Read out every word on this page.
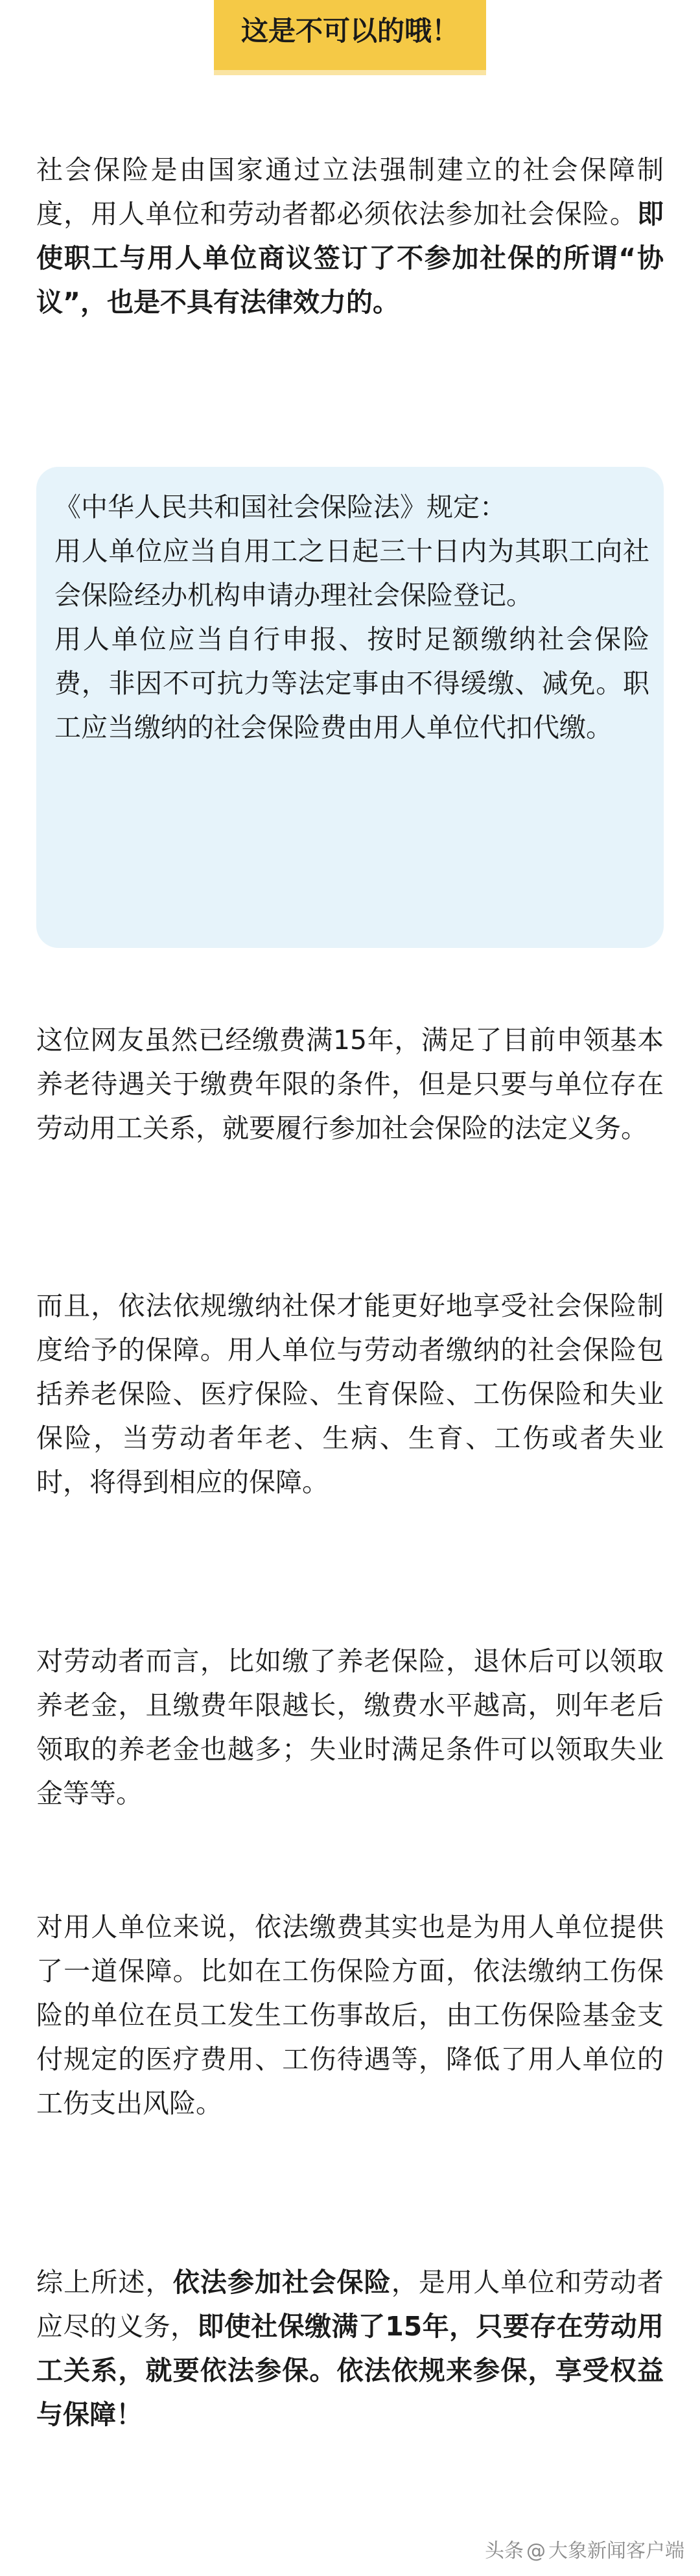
这是不可以的哦！

社会保险是由国家通过立法强制建立的社会保障制度，用人单位和劳动者都必须依法参加社会保险。即使职工与用人单位商议签订了不参加社保的所谓“协议”，也是不具有法律效力的。

《中华人民共和国社会保险法》规定：

用人单位应当自用工之日起三十日内为其职工向社会保险经办机构申请办理社会保险登记。

用人单位应当自行申报、按时足额缴纳社会保险费，非因不可抗力等法定事由不得缓缴、减免。职工应当缴纳的社会保险费由用人单位代扣代缴。

这位网友虽然已经缴费满15年，满足了目前申领基本养老待遇关于缴费年限的条件，但是只要与单位存在劳动用工关系，就要履行参加社会保险的法定义务。

而且，依法依规缴纳社保才能更好地享受社会保险制度给予的保障。用人单位与劳动者缴纳的社会保险包括养老保险、医疗保险、生育保险、工伤保险和失业保险，当劳动者年老、生病、生育、工伤或者失业时，将得到相应的保障。

对劳动者而言，比如缴了养老保险，退休后可以领取养老金，且缴费年限越长，缴费水平越高，则年老后领取的养老金也越多；失业时满足条件可以领取失业金等等。

对用人单位来说，依法缴费其实也是为用人单位提供了一道保障。比如在工伤保险方面，依法缴纳工伤保险的单位在员工发生工伤事故后，由工伤保险基金支付规定的医疗费用、工伤待遇等，降低了用人单位的工伤支出风险。

综上所述，依法参加社会保险，是用人单位和劳动者应尽的义务，即使社保缴满了15年，只要存在劳动用工关系，就要依法参保。依法依规来参保，享受权益与保障！

头条 @ 大象新闻客户端
